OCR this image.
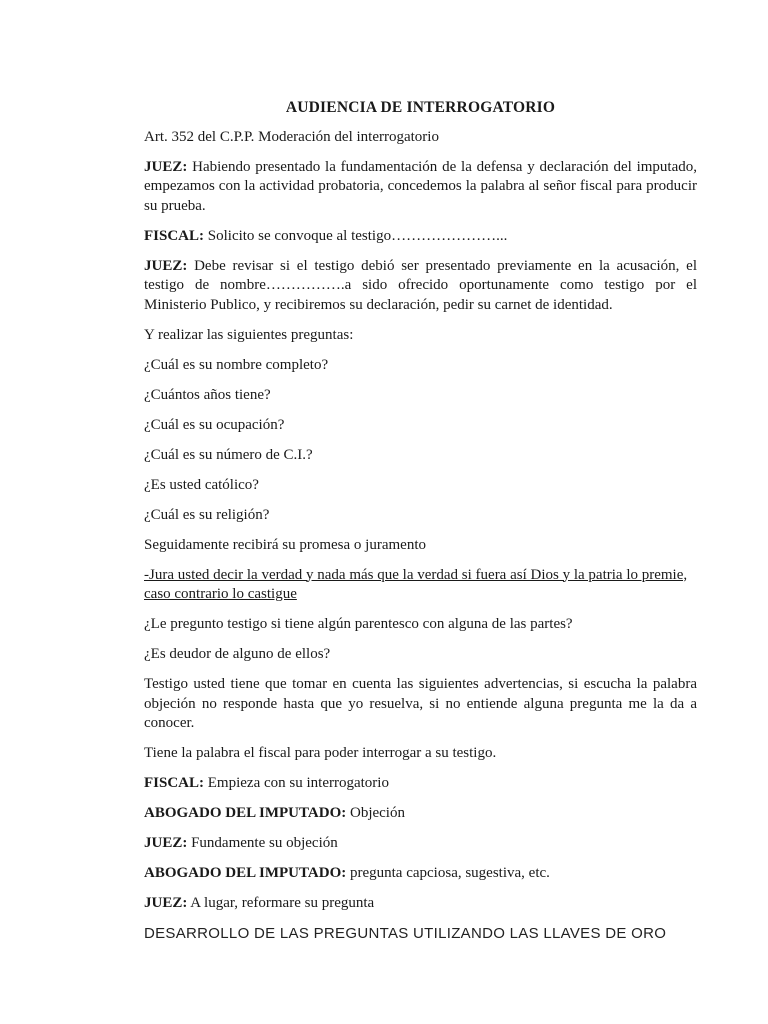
AUDIENCIA DE INTERROGATORIO

Art. 352 del C.P.P. Moderación del interrogatorio

JUEZ: Habiendo presentado la fundamentación de la defensa y declaración del imputado, empezamos con la actividad probatoria, concedemos la palabra al señor fiscal para producir su prueba.

FISCAL: Solicito se convoque al testigo…………………...

JUEZ: Debe revisar si el testigo debió ser presentado previamente en la acusación, el testigo de nombre…………….a sido ofrecido oportunamente como testigo por el Ministerio Publico, y recibiremos su declaración, pedir su carnet de identidad.

Y realizar las siguientes preguntas:

¿Cuál es su nombre completo?

¿Cuántos años tiene?

¿Cuál es su ocupación?

¿Cuál es su número de C.I.?

¿Es usted católico?

¿Cuál es su religión?

Seguidamente recibirá su promesa o juramento

-Jura usted decir la verdad y nada más que la verdad si fuera así Dios y la patria lo premie, caso contrario lo castigue

¿Le pregunto testigo si tiene algún parentesco con alguna de las partes?

¿Es deudor de alguno de ellos?

Testigo usted tiene que tomar en cuenta las siguientes advertencias, si escucha la palabra objeción no responde hasta que yo resuelva, si no entiende alguna pregunta me la da a conocer.

Tiene la palabra el fiscal para poder interrogar a su testigo.

FISCAL: Empieza con su interrogatorio

ABOGADO DEL IMPUTADO: Objeción

JUEZ: Fundamente su objeción

ABOGADO DEL IMPUTADO: pregunta capciosa, sugestiva, etc.

JUEZ: A lugar, reformare su pregunta

DESARROLLO DE LAS PREGUNTAS UTILIZANDO LAS LLAVES DE ORO
